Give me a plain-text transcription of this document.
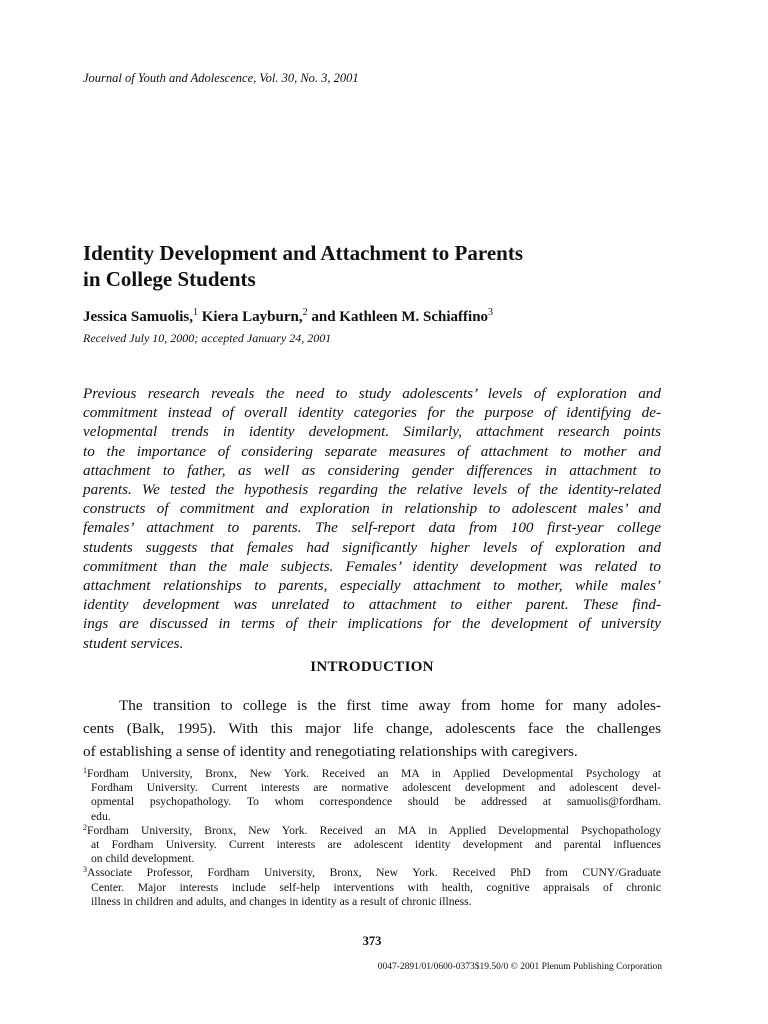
Journal of Youth and Adolescence, Vol. 30, No. 3, 2001

Identity Development and Attachment to Parents
in College Students

Jessica Samuolis,$^1$ Kiera Layburn,$^2$ and Kathleen M. Schiaffino$^3$

Received July 10, 2000; accepted January 24, 2001

Previous research reveals the need to study adolescents’ levels of exploration and
commitment instead of overall identity categories for the purpose of identifying de-
velopmental trends in identity development. Similarly, attachment research points
to the importance of considering separate measures of attachment to mother and
attachment to father, as well as considering gender differences in attachment to
parents. We tested the hypothesis regarding the relative levels of the identity-related
constructs of commitment and exploration in relationship to adolescent males’ and
females’ attachment to parents. The self-report data from 100 first-year college
students suggests that females had significantly higher levels of exploration and
commitment than the male subjects. Females’ identity development was related to
attachment relationships to parents, especially attachment to mother, while males’
identity development was unrelated to attachment to either parent. These find-
ings are discussed in terms of their implications for the development of university
student services.
INTRODUCTION
The transition to college is the first time away from home for many adoles-
cents (Balk, 1995). With this major life change, adolescents face the challenges
of establishing a sense of identity and renegotiating relationships with caregivers.
$^1$Fordham University, Bronx, New York. Received an MA in Applied Developmental Psychology at
Fordham University. Current interests are normative adolescent development and adolescent devel-
opmental psychopathology. To whom correspondence should be addressed at samuolis@fordham.
edu.
$^2$Fordham University, Bronx, New York. Received an MA in Applied Developmental Psychopathology
at Fordham University. Current interests are adolescent identity development and parental influences
on child development.
$^3$Associate Professor, Fordham University, Bronx, New York. Received PhD from CUNY/Graduate
Center. Major interests include self-help interventions with health, cognitive appraisals of chronic
illness in children and adults, and changes in identity as a result of chronic illness.

373

0047-2891/01/0600-0373$19.50/0 © 2001 Plenum Publishing Corporation
